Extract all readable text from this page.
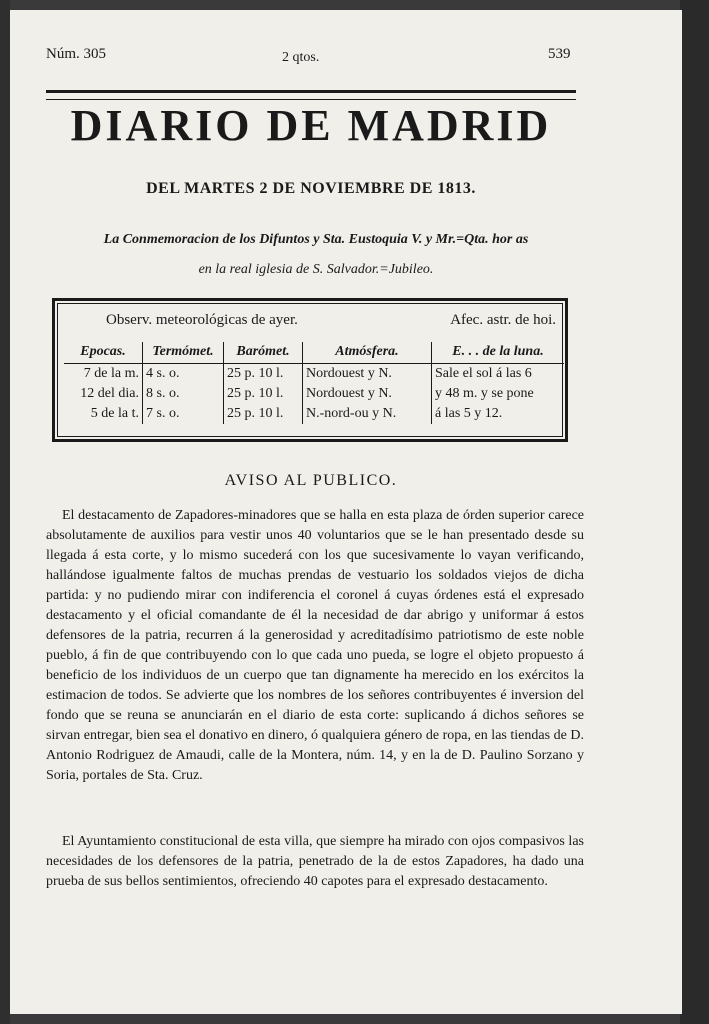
Núm. 305	2 qtos.	539
DIARIO DE MADRID
DEL MARTES 2 DE NOVIEMBRE DE 1813.
La Conmemoracion de los Difuntos y Sta. Eustoquia V. y Mr.=Qta. hor as
en la real iglesia de S. Salvador.=Jubileo.
Observ. meteorológicas de ayer.	Afec. astr. de hoi.
Epocas.	Termómet.	Barómet.	Atmósfera.	E. . . de la luna.
7 de la m.	4 s. o.	25 p. 10 l.	Nordouest y N.	Sale el sol á las 6
12 del dia.	8 s. o.	25 p. 10 l.	Nordouest y N.	y 48 m. y se pone
5 de la t.	7 s. o.	25 p. 10 l.	N.-nord-ou y N.	á las 5 y 12.
AVISO AL PUBLICO.

El destacamento de Zapadores-minadores que se halla en esta plaza de órden superior carece absolutamente de auxilios para vestir unos 40 voluntarios que se le han presentado desde su llegada á esta corte, y lo mismo sucederá con los que sucesivamente lo vayan verificando, hallándose igualmente faltos de muchas prendas de vestuario los soldados viejos de dicha partida: y no pudiendo mirar con indiferencia el coronel á cuyas órdenes está el expresado destacamento y el oficial comandante de él la necesidad de dar abrigo y uniformar á estos defensores de la patria, recurren á la generosidad y acreditadísimo patriotismo de este noble pueblo, á fin de que contribuyendo con lo que cada uno pueda, se logre el objeto propuesto á beneficio de los individuos de un cuerpo que tan dignamente ha merecido en los exércitos la estimacion de todos. Se advierte que los nombres de los señores contribuyentes é inversion del fondo que se reuna se anunciarán en el diario de esta corte: suplicando á dichos señores se sirvan entregar, bien sea el donativo en dinero, ó qualquiera género de ropa, en las tiendas de D. Antonio Rodriguez de Amaudi, calle de la Montera, núm. 14, y en la de D. Paulino Sorzano y Soria, portales de Sta. Cruz.

El Ayuntamiento constitucional de esta villa, que siempre ha mirado con ojos compasivos las necesidades de los defensores de la patria, penetrado de la de estos Zapadores, ha dado una prueba de sus bellos sentimientos, ofreciendo 40 capotes para el expresado destacamento.
